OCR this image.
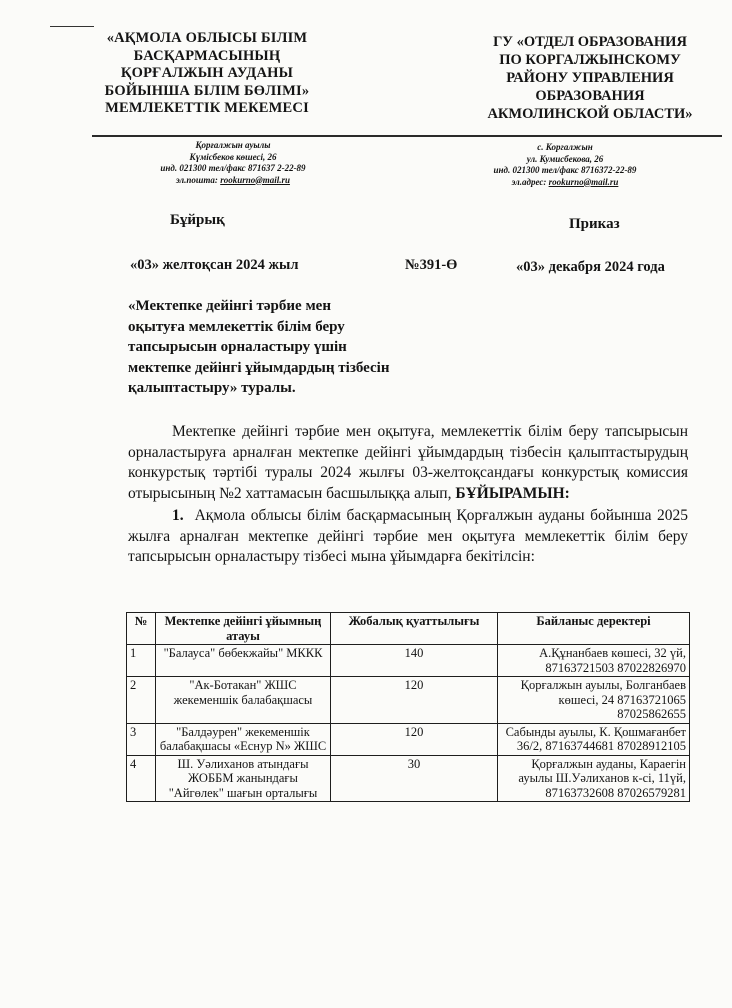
«АҚМОЛА ОБЛЫСЫ БІЛІМ
БАСҚАРМАСЫНЫҢ
ҚОРҒАЛЖЫН АУДАНЫ
БОЙЫНША БІЛІМ БӨЛІМІ»
МЕМЛЕКЕТТІК МЕКЕМЕСІ
ГУ «ОТДЕЛ ОБРАЗОВАНИЯ
ПО КОРГАЛЖЫНСКОМУ
РАЙОНУ УПРАВЛЕНИЯ
ОБРАЗОВАНИЯ
АКМОЛИНСКОЙ ОБЛАСТИ»
Қорғалжын ауылы
Күмісбеков көшесі, 26
инд. 021300 тел/факс 871637 2-22-89
эл.пошта: rookurno@mail.ru
с. Коргалжын
ул. Кумисбекова, 26
инд. 021300 тел/факс 8716372-22-89
эл.адрес: rookurno@mail.ru
Бұйрық	Приказ
«03» желтоқсан 2024 жыл	№391-Ө	«03» декабря 2024 года
«Мектепке дейінгі тәрбие мен
оқытуға мемлекеттік білім беру
тапсырысын орналастыру үшін
мектепке дейінгі ұйымдардың тізбесін
қалыптастыру» туралы.

Мектепке дейінгі тәрбие мен оқытуға, мемлекеттік білім беру тапсырысын орналастыруға арналған мектепке дейінгі ұйымдардың тізбесін қалыптастырудың конкурстық тәртібі туралы 2024 жылғы 03-желтоқсандағы конкурстық комиссия отырысының №2 хаттамасын басшылыққа алып, БҰЙЫРАМЫН:

1. Ақмола облысы білім басқармасының Қорғалжын ауданы бойынша 2025 жылға арналған мектепке дейінгі тәрбие мен оқытуға мемлекеттік білім беру тапсырысын орналастыру тізбесі мына ұйымдарға бекітілсін:

№	Мектепке дейінгі ұйымның атауы	Жобалық қуаттылығы	Байланыс деректері
1	"Балауса" бөбекжайы" МККК	140	А.Құнанбаев көшесі, 32 үй, 87163721503 87022826970
2	"Ак-Ботакан" ЖШС жекеменшік балабақшасы	120	Қорғалжын ауылы, Болганбаев көшесі, 24 87163721065 87025862655
3	"Балдәурен" жекеменшік балабақшасы «Еснур N» ЖШС	120	Сабынды ауылы, К. Қошмағанбет 36/2, 87163744681 87028912105
4	Ш. Уәлиханов атындағы ЖОББМ жанындағы "Айгөлек" шағын орталығы	30	Қорғалжын ауданы, Караегін ауылы Ш.Уәлиханов к-сі, 11үй, 87163732608 87026579281
